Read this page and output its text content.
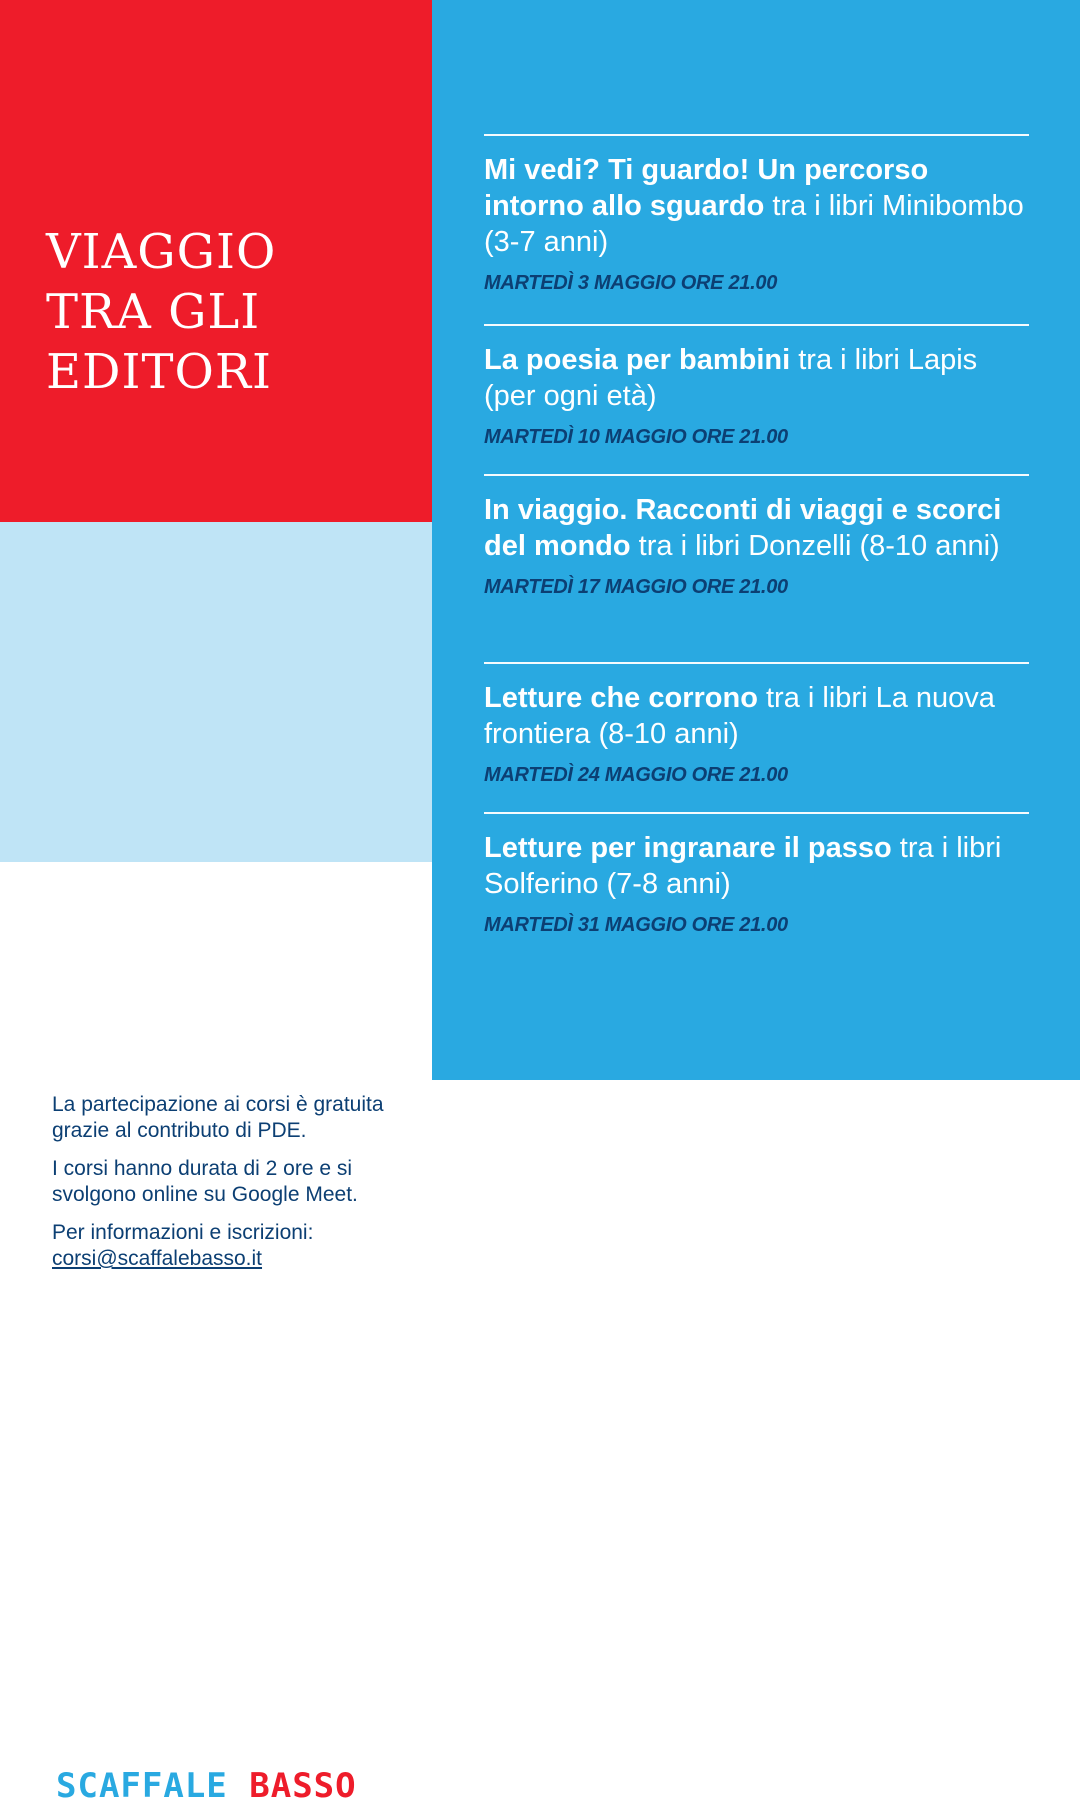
VIAGGIO
TRA GLI
EDITORI

La partecipazione ai corsi è gratuita grazie al contributo di PDE.

I corsi hanno durata di 2 ore e si svolgono online su Google Meet.

Per informazioni e iscrizioni:
corsi@scaffalebasso.it

SCAFFALE BASSO

Mi vedi? Ti guardo! Un percorso intorno allo sguardo tra i libri Minibombo (3-7 anni)

MARTEDÌ 3 MAGGIO ORE 21.00

La poesia per bambini tra i libri Lapis (per ogni età)

MARTEDÌ 10 MAGGIO ORE 21.00

In viaggio. Racconti di viaggi e scorci del mondo tra i libri Donzelli (8-10 anni)

MARTEDÌ 17 MAGGIO ORE 21.00

Letture che corrono tra i libri La nuova frontiera (8-10 anni)

MARTEDÌ 24 MAGGIO ORE 21.00

Letture per ingranare il passo tra i libri Solferino (7-8 anni)

MARTEDÌ 31 MAGGIO ORE 21.00
